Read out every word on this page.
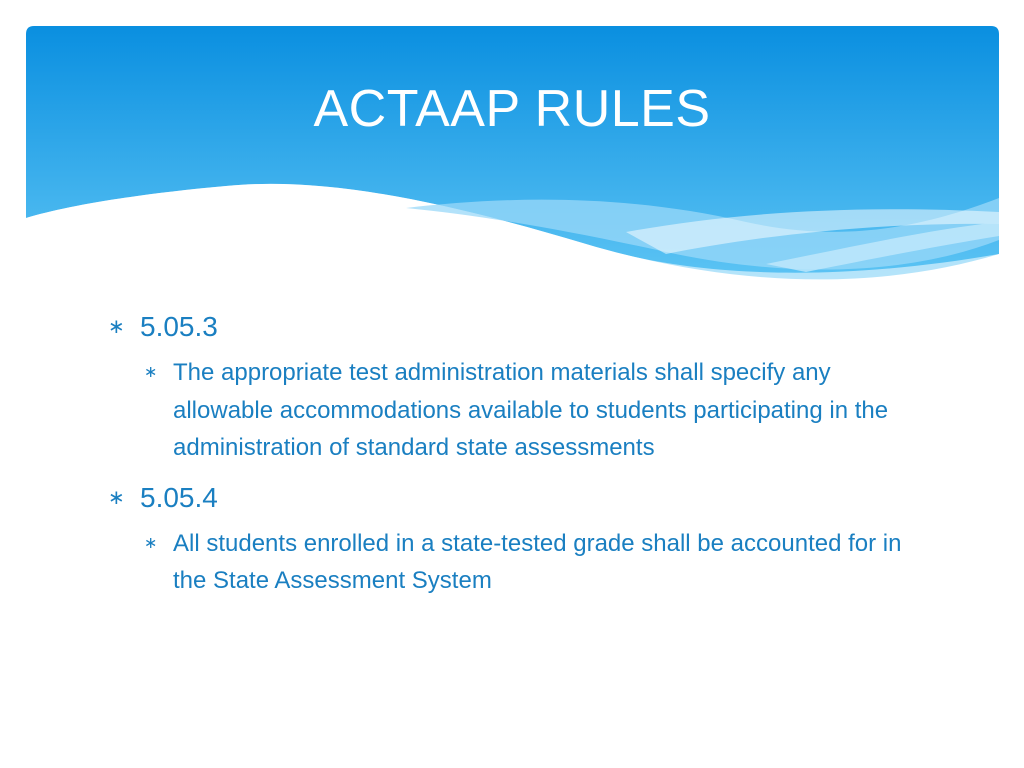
ACTAAP RULES
∗ 5.05.3
∗ The appropriate test administration materials shall specify any allowable accommodations available to students participating in the administration of standard state assessments
∗ 5.05.4
∗ All students enrolled in a state-tested grade shall be accounted for in the State Assessment System
